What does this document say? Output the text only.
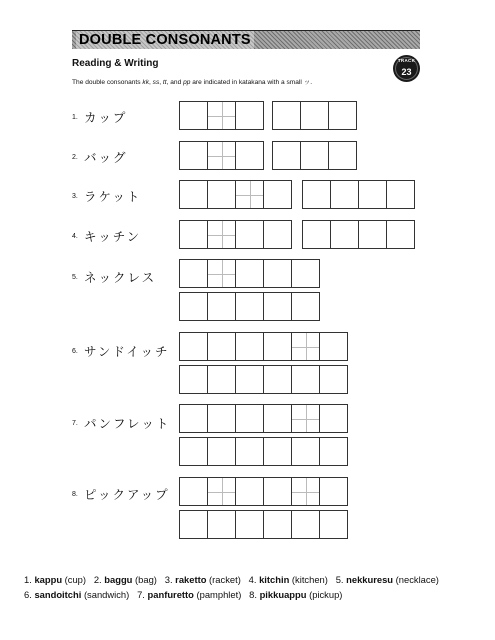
DOUBLE CONSONANTS
Reading & Writing
The double consonants kk, ss, tt, and pp are indicated in katakana with a small ッ.
TRACK
23
1. カップ
2. バッグ
3. ラケット
4. キッチン
5. ネックレス
6. サンドイッチ
7. パンフレット
8. ピックアップ
1. kappu (cup) 2. baggu (bag) 3. raketto (racket) 4. kitchin (kitchen) 5. nekkuresu (necklace)
6. sandoitchi (sandwich) 7. panfuretto (pamphlet) 8. pikkuappu (pickup)
